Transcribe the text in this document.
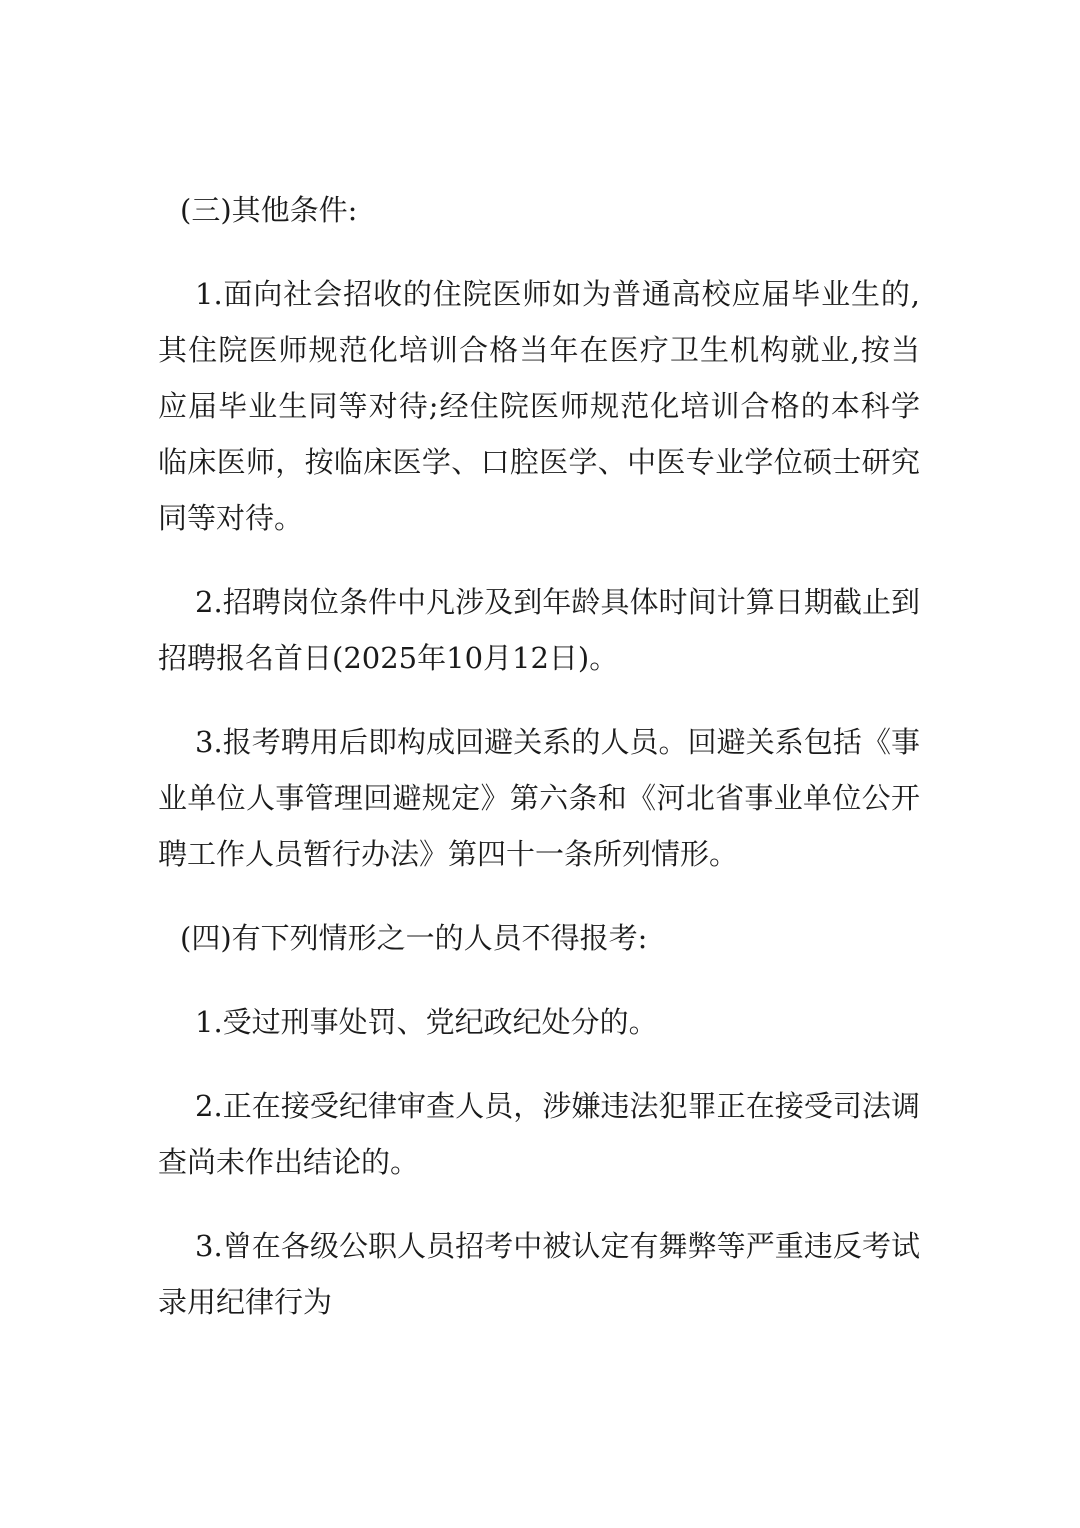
(三)其他条件:
1.面向社会招收的住院医师如为普通高校应届毕业生的,
其住院医师规范化培训合格当年在医疗卫生机构就业,按当
应届毕业生同等对待;经住院医师规范化培训合格的本科学
临床医师，按临床医学、口腔医学、中医专业学位硕士研究
同等对待。
2.招聘岗位条件中凡涉及到年龄具体时间计算日期截止到
招聘报名首日(2025年10月12日)。
3.报考聘用后即构成回避关系的人员。回避关系包括《事
业单位人事管理回避规定》第六条和《河北省事业单位公开
聘工作人员暂行办法》第四十一条所列情形。
(四)有下列情形之一的人员不得报考:
1.受过刑事处罚、党纪政纪处分的。
2.正在接受纪律审查人员，涉嫌违法犯罪正在接受司法调
查尚未作出结论的。
3.曾在各级公职人员招考中被认定有舞弊等严重违反考试
录用纪律行为
